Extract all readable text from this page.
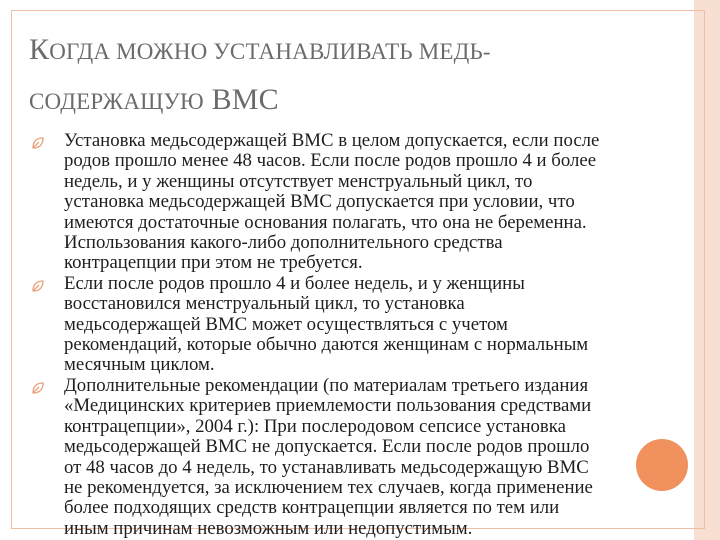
КОГДА МОЖНО УСТАНАВЛИВАТЬ МЕДЬ-
СОДЕРЖАЩУЮ ВМС
Установка медьсодержащей ВМС в целом допускается, если после
родов прошло менее 48 часов. Если после родов прошло 4 и более
недель, и у женщины отсутствует менструальный цикл, то
установка медьсодержащей ВМС допускается при условии, что
имеются достаточные основания полагать, что она не беременна.
Использования какого-либо дополнительного средства
контрацепции при этом не требуется.
Если после родов прошло 4 и более недель, и у женщины
восстановился менструальный цикл, то установка
медьсодержащей ВМС может осуществляться с учетом
рекомендаций, которые обычно даются женщинам с нормальным
месячным циклом.
Дополнительные рекомендации (по материалам третьего издания
«Медицинских критериев приемлемости пользования средствами
контрацепции», 2004 г.): При послеродовом сепсисе установка
медьсодержащей ВМС не допускается. Если после родов прошло
от 48 часов до 4 недель, то устанавливать медьсодержащую ВМС
не рекомендуется, за исключением тех случаев, когда применение
более подходящих средств контрацепции является по тем или
иным причинам невозможным или недопустимым.
